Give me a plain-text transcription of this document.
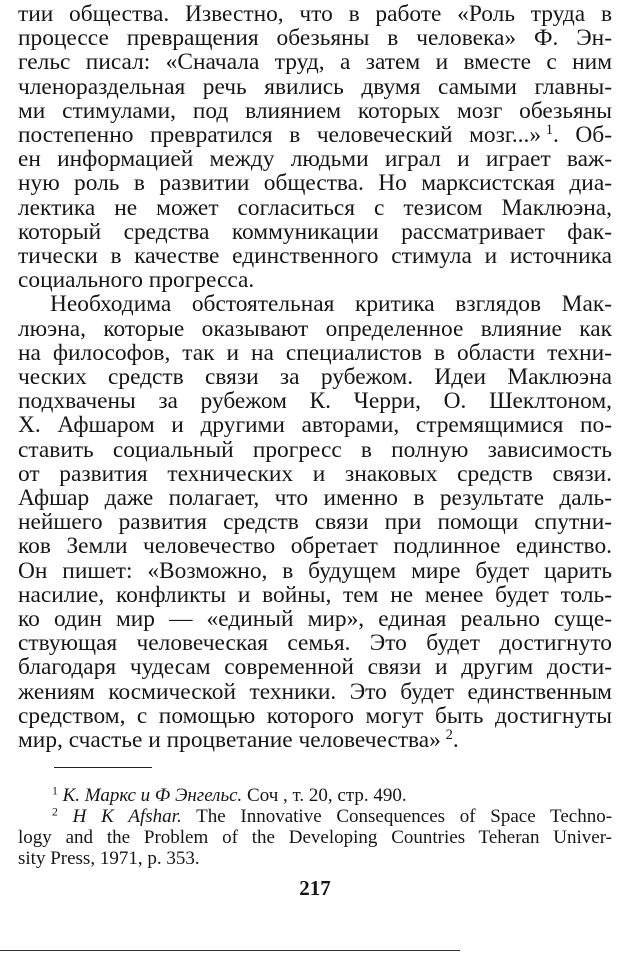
тии общества. Известно, что в работе «Роль труда в
процессе превращения обезьяны в человека» Ф. Эн-
гельс писал: «Сначала труд, а затем и вместе с ним
членораздельная речь явились двумя самыми главны-
ми стимулами, под влиянием которых мозг обезьяны
постепенно превратился в человеческий мозг...»  $^1$. Об-
ен информацией между людьми играл и играет важ-
ную роль в развитии общества. Но марксистская диа-
лектика не может согласиться с тезисом Маклюэна,
который средства коммуникации рассматривает фак-
тически в качестве единственного стимула и источника
социального прогресса.
Необходима обстоятельная критика взглядов Мак-
люэна, которые оказывают определенное влияние как
на философов, так и на специалистов в области техни-
ческих средств связи за рубежом. Идеи Маклюэна
подхвачены за рубежом К. Черри, О. Шеклтоном,
Х. Афшаром и другими авторами, стремящимися по-
ставить социальный прогресс в полную зависимость
от развития технических и знаковых средств связи.
Афшар даже полагает, что именно в результате даль-
нейшего развития средств связи при помощи спутни-
ков Земли человечество обретает подлинное единство.
Он пишет: «Возможно, в будущем мире будет царить
насилие, конфликты и войны, тем не менее будет толь-
ко один мир — «единый мир», единая реально суще-
ствующая человеческая семья. Это будет достигнуто
благодаря чудесам современной связи и другим дости-
жениям космической техники. Это будет единственным
средством, с помощью которого могут быть достигнуты
мир, счастье и процветание человечества»  $^2$.
$^1$ К. Маркс и Ф Энгельс. Соч , т. 20, стр. 490.
$^2$ Н К Afshar. The Innovative Consequences of Space Techno-
logy and the Problem of the Developing Countries Teheran Univer-
sity Press, 1971, p. 353.
217
